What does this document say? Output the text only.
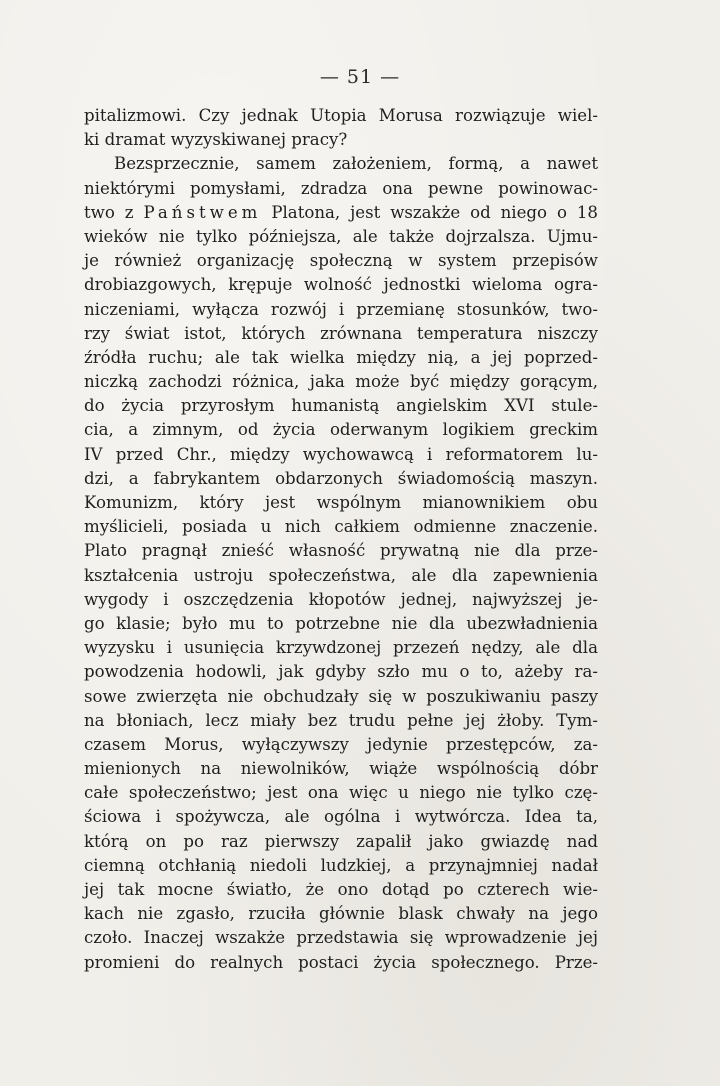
— 51 —
pitalizmowi. Czy jednak Utopia Morusa rozwiązuje wiel-
ki dramat wyzyskiwanej pracy?
Bezsprzecznie, samem założeniem, formą, a nawet
niektórymi pomysłami, zdradza ona pewne powinowac-
two z Państwem Platona, jest wszakże od niego o 18
wieków nie tylko późniejsza, ale także dojrzalsza. Ujmu-
je również organizację społeczną w system przepisów
drobiazgowych, krępuje wolność jednostki wieloma ogra-
niczeniami, wyłącza rozwój i przemianę stosunków, two-
rzy świat istot, których zrównana temperatura niszczy
źródła ruchu; ale tak wielka między nią, a jej poprzed-
niczką zachodzi różnica, jaka może być między gorącym,
do życia przyrosłym humanistą angielskim XVI stule-
cia, a zimnym, od życia oderwanym logikiem greckim
IV przed Chr., między wychowawcą i reformatorem lu-
dzi, a fabrykantem obdarzonych świadomością maszyn.
Komunizm, który jest wspólnym mianownikiem obu
myślicieli, posiada u nich całkiem odmienne znaczenie.
Plato pragnął znieść własność prywatną nie dla prze-
kształcenia ustroju społeczeństwa, ale dla zapewnienia
wygody i oszczędzenia kłopotów jednej, najwyższej je-
go klasie; było mu to potrzebne nie dla ubezwładnienia
wyzysku i usunięcia krzywdzonej przezeń nędzy, ale dla
powodzenia hodowli, jak gdyby szło mu o to, ażeby ra-
sowe zwierzęta nie obchudzały się w poszukiwaniu paszy
na błoniach, lecz miały bez trudu pełne jej żłoby. Tym-
czasem Morus, wyłączywszy jedynie przestępców, za-
mienionych na niewolników, wiąże wspólnością dóbr
całe społeczeństwo; jest ona więc u niego nie tylko czę-
ściowa i spożywcza, ale ogólna i wytwórcza. Idea ta,
którą on po raz pierwszy zapalił jako gwiazdę nad
ciemną otchłanią niedoli ludzkiej, a przynajmniej nadał
jej tak mocne światło, że ono dotąd po czterech wie-
kach nie zgasło, rzuciła głównie blask chwały na jego
czoło. Inaczej wszakże przedstawia się wprowadzenie jej
promieni do realnych postaci życia społecznego. Prze-
